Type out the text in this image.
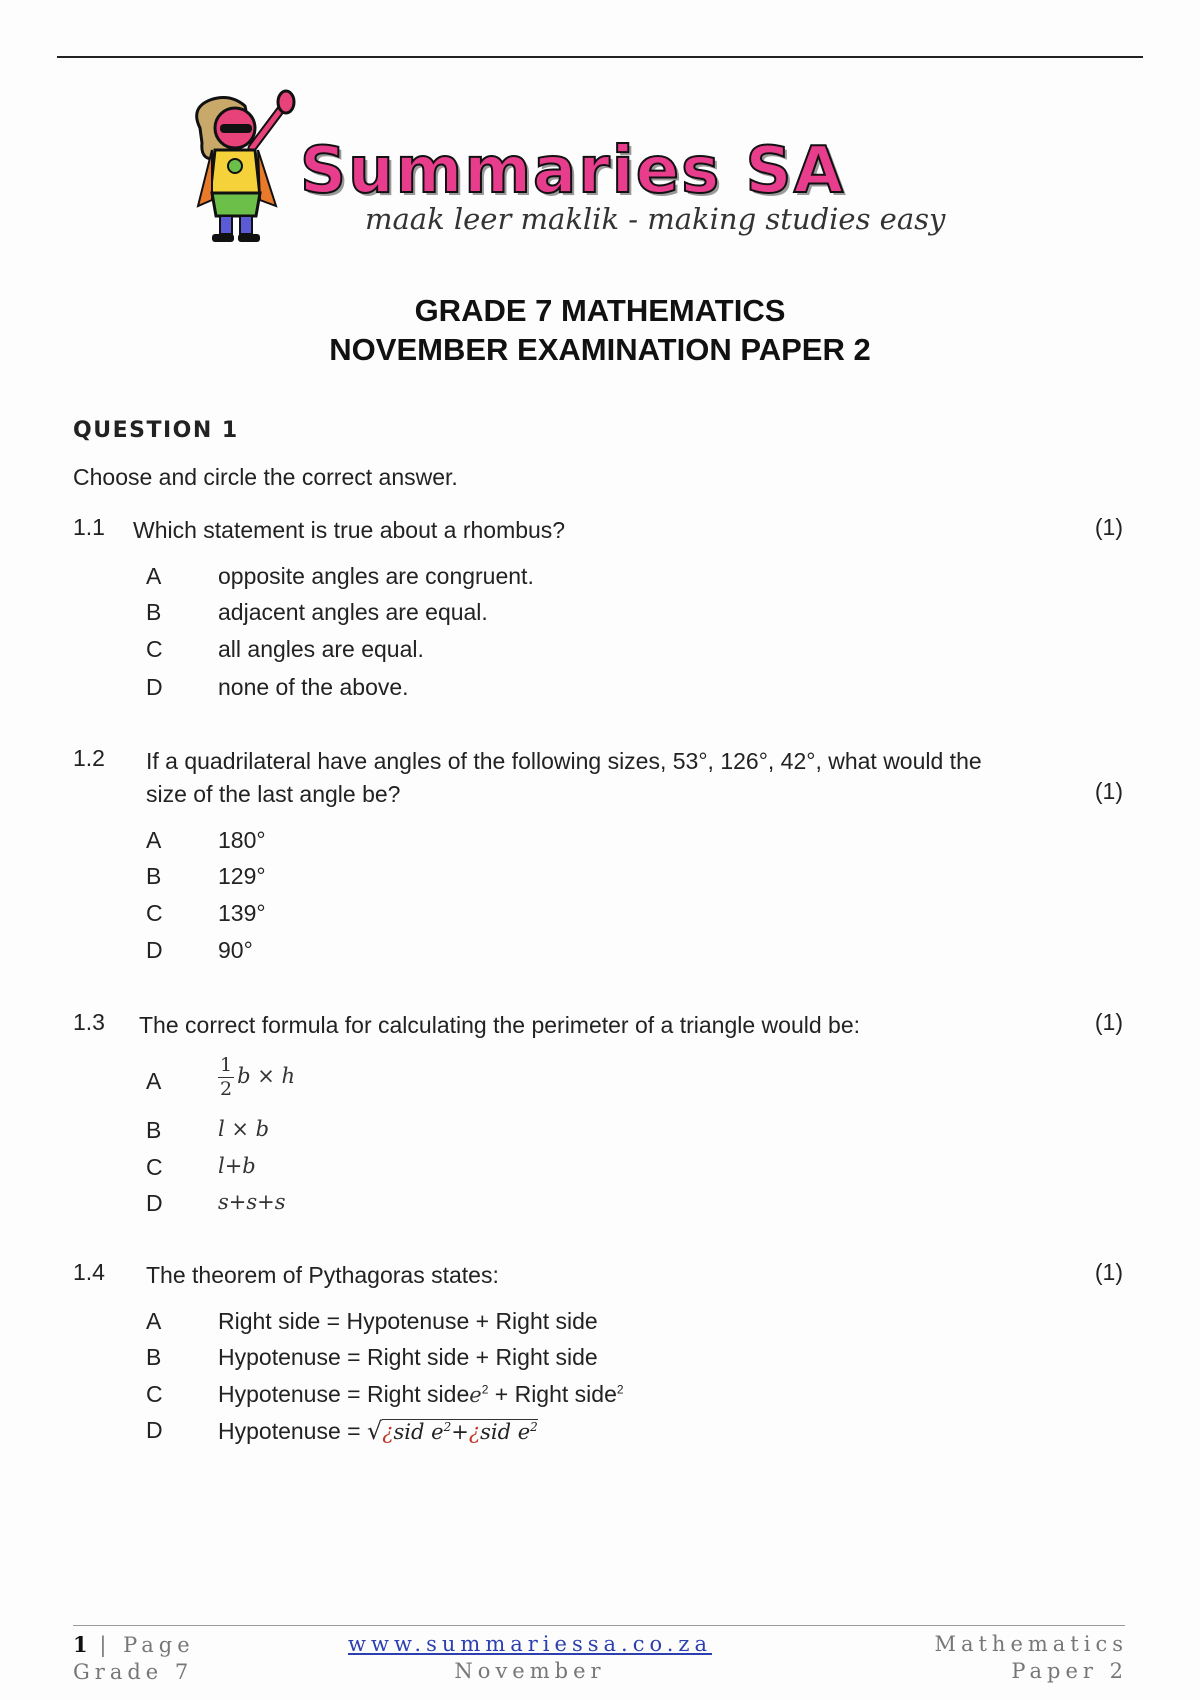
Summaries SA
maak leer maklik - making studies easy
GRADE 7 MATHEMATICS
NOVEMBER EXAMINATION PAPER 2
QUESTION 1
Choose and circle the correct answer.
1.1 Which statement is true about a rhombus?	(1)
A opposite angles are congruent.
B adjacent angles are equal.
C all angles are equal.
D none of the above.
1.2 If a quadrilateral have angles of the following sizes, 53°, 126°, 42°, what would the
size of the last angle be?	(1)
A 180°
B 129°
C 139°
D 90°
1.3 The correct formula for calculating the perimeter of a triangle would be:	(1)
A	$\frac{1}{2}$ b × h
B	l × b
C	l+b
D	s+s+s
1.4 The theorem of Pythagoras states:	(1)
A Right side = Hypotenuse + Right side
B Hypotenuse = Right side + Right side
C Hypotenuse = Right sidee$^2$ + Right side$^2$
D Hypotenuse = √¿sid $e^2+¿sid$ $e^2$
1 | Page
Grade 7
www.summariessa.co.za
November
Mathematics
Paper 2
